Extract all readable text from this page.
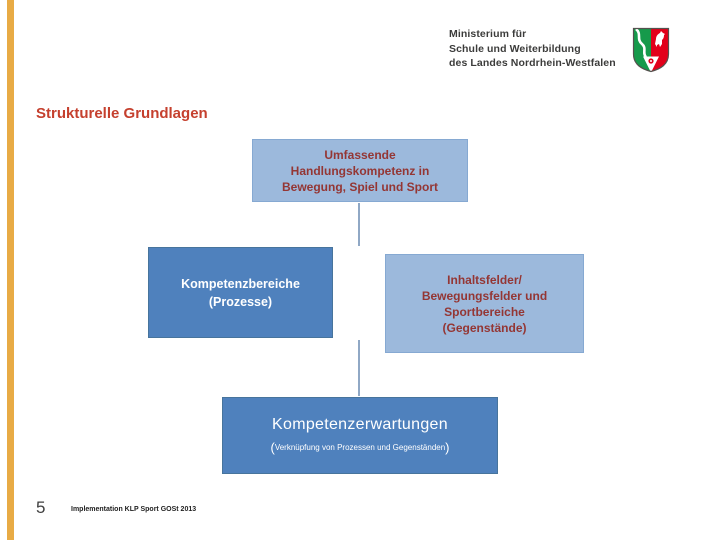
Ministerium für
Schule und Weiterbildung
des Landes Nordrhein-Westfalen
Strukturelle Grundlagen
Umfassende
Handlungskompetenz in
Bewegung, Spiel und Sport
Kompetenzbereiche
(Prozesse)
Inhaltsfelder/
Bewegungsfelder und
Sportbereiche
(Gegenstände)
Kompetenzerwartungen
(Verknüpfung von Prozessen und Gegenständen)
5	Implementation KLP Sport GOSt 2013
